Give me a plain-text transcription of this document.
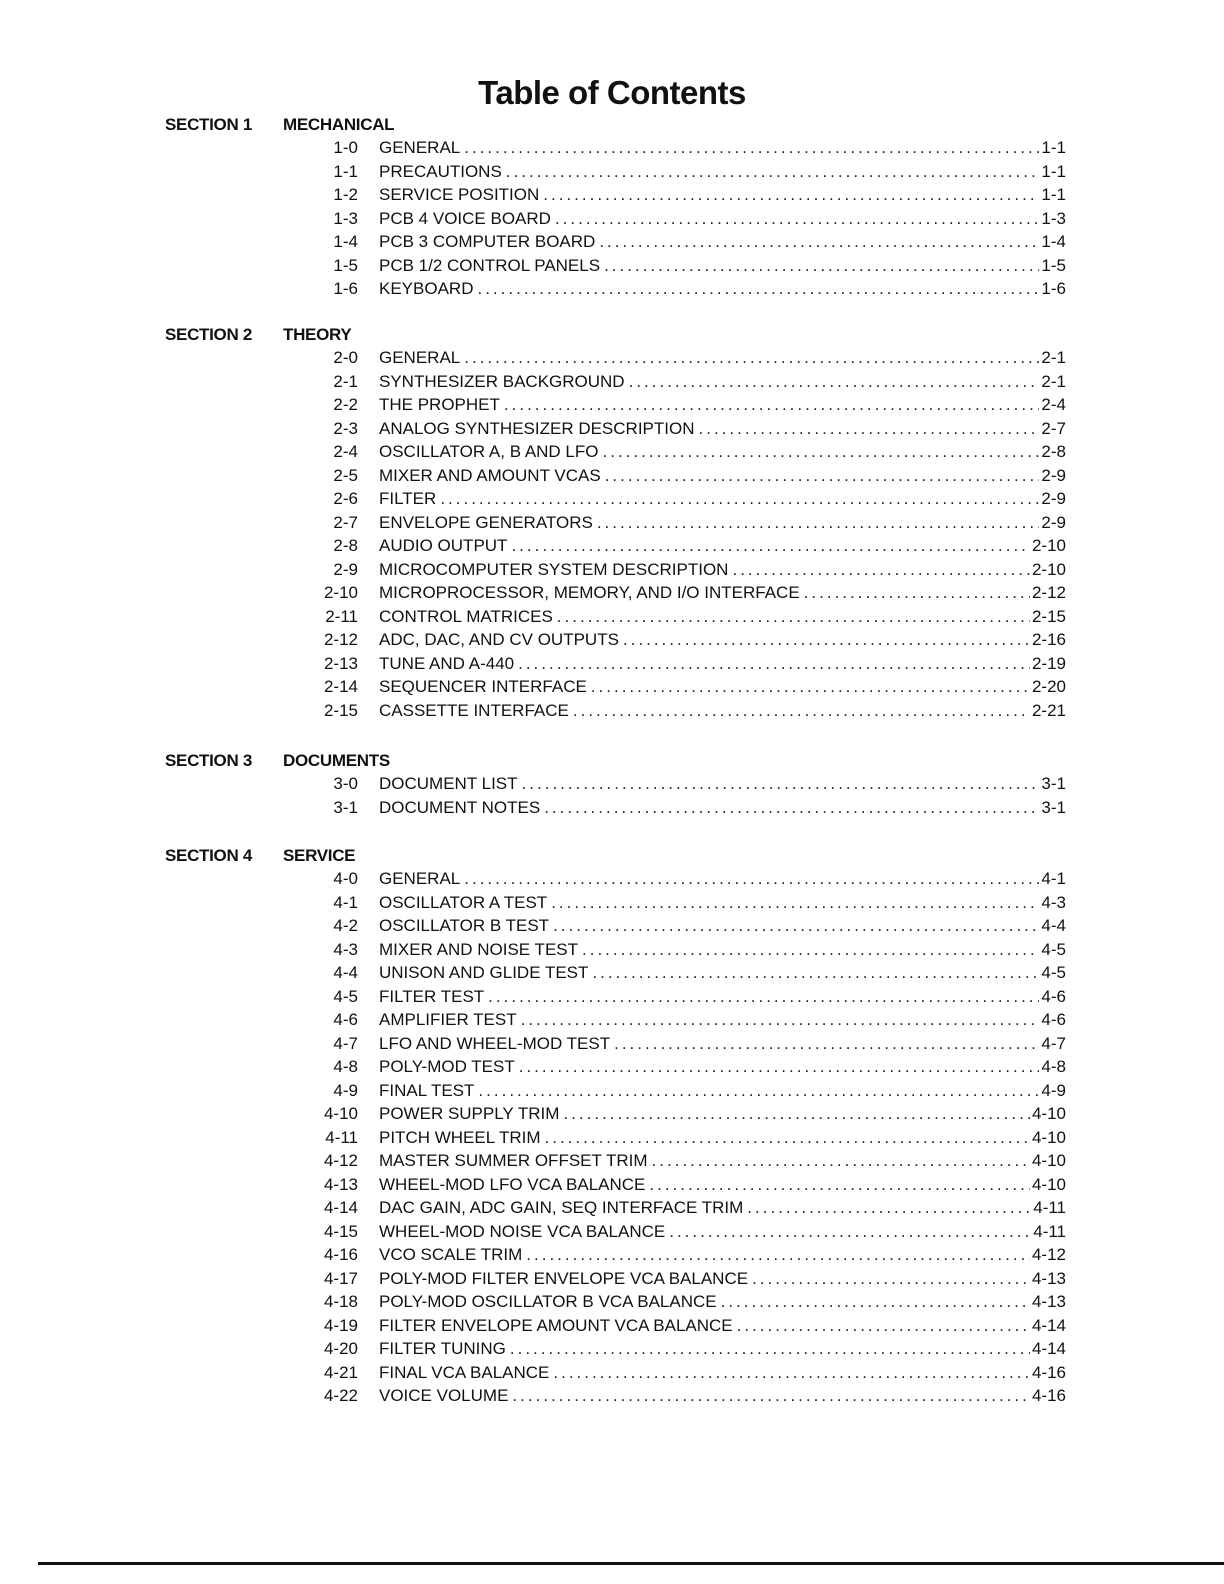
Table of Contents
SECTION 1 MECHANICAL
1-0 GENERAL .....	1-1
1-1 PRECAUTIONS .....	1-1
1-2 SERVICE POSITION .....	1-1
1-3 PCB 4 VOICE BOARD .....	1-3
1-4 PCB 3 COMPUTER BOARD .....	1-4
1-5 PCB 1/2 CONTROL PANELS .....	1-5
1-6 KEYBOARD .....	1-6
SECTION 2 THEORY
2-0 GENERAL .....	2-1
2-1 SYNTHESIZER BACKGROUND .....	2-1
2-2 THE PROPHET .....	2-4
2-3 ANALOG SYNTHESIZER DESCRIPTION .....	2-7
2-4 OSCILLATOR A, B AND LFO .....	2-8
2-5 MIXER AND AMOUNT VCAS .....	2-9
2-6 FILTER .....	2-9
2-7 ENVELOPE GENERATORS .....	2-9
2-8 AUDIO OUTPUT .....	2-10
2-9 MICROCOMPUTER SYSTEM DESCRIPTION .....	2-10
2-10 MICROPROCESSOR, MEMORY, AND I/O INTERFACE .....	2-12
2-11 CONTROL MATRICES .....	2-15
2-12 ADC, DAC, AND CV OUTPUTS .....	2-16
2-13 TUNE AND A-440 .....	2-19
2-14 SEQUENCER INTERFACE .....	2-20
2-15 CASSETTE INTERFACE .....	2-21
SECTION 3 DOCUMENTS
3-0 DOCUMENT LIST .....	3-1
3-1 DOCUMENT NOTES .....	3-1
SECTION 4 SERVICE
4-0 GENERAL .....	4-1
4-1 OSCILLATOR A TEST .....	4-3
4-2 OSCILLATOR B TEST .....	4-4
4-3 MIXER AND NOISE TEST .....	4-5
4-4 UNISON AND GLIDE TEST .....	4-5
4-5 FILTER TEST .....	4-6
4-6 AMPLIFIER TEST .....	4-6
4-7 LFO AND WHEEL-MOD TEST .....	4-7
4-8 POLY-MOD TEST .....	4-8
4-9 FINAL TEST .....	4-9
4-10 POWER SUPPLY TRIM .....	4-10
4-11 PITCH WHEEL TRIM .....	4-10
4-12 MASTER SUMMER OFFSET TRIM .....	4-10
4-13 WHEEL-MOD LFO VCA BALANCE .....	4-10
4-14 DAC GAIN, ADC GAIN, SEQ INTERFACE TRIM .....	4-11
4-15 WHEEL-MOD NOISE VCA BALANCE .....	4-11
4-16 VCO SCALE TRIM .....	4-12
4-17 POLY-MOD FILTER ENVELOPE VCA BALANCE .....	4-13
4-18 POLY-MOD OSCILLATOR B VCA BALANCE .....	4-13
4-19 FILTER ENVELOPE AMOUNT VCA BALANCE .....	4-14
4-20 FILTER TUNING .....	4-14
4-21 FINAL VCA BALANCE .....	4-16
4-22 VOICE VOLUME .....	4-16
